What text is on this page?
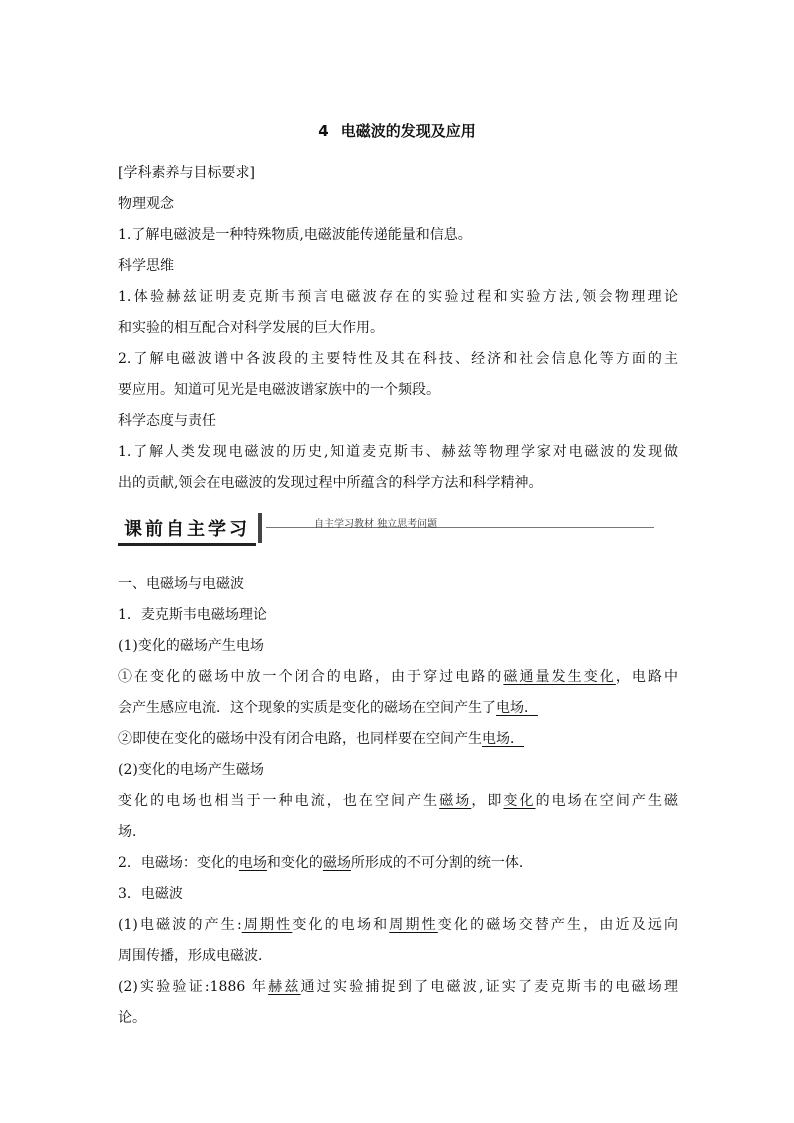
4 电磁波的发现及应用
[学科素养与目标要求]
物理观念
1.了解电磁波是一种特殊物质,电磁波能传递能量和信息。
科学思维
1.体验赫兹证明麦克斯韦预言电磁波存在的实验过程和实验方法,领会物理理论
和实验的相互配合对科学发展的巨大作用。
2.了解电磁波谱中各波段的主要特性及其在科技、经济和社会信息化等方面的主
要应用。知道可见光是电磁波谱家族中的一个频段。
科学态度与责任
1.了解人类发现电磁波的历史,知道麦克斯韦、赫兹等物理学家对电磁波的发现做
出的贡献,领会在电磁波的发现过程中所蕴含的科学方法和科学精神。
课前自主学习	自主学习教材 独立思考问题
一、电磁场与电磁波
1．麦克斯韦电磁场理论
(1)变化的磁场产生电场
①在变化的磁场中放一个闭合的电路，由于穿过电路的磁通量发生变化，电路中
会产生感应电流．这个现象的实质是变化的磁场在空间产生了电场．
②即使在变化的磁场中没有闭合电路，也同样要在空间产生电场．
(2)变化的电场产生磁场
变化的电场也相当于一种电流，也在空间产生磁场，即变化的电场在空间产生磁
场．
2．电磁场：变化的电场和变化的磁场所形成的不可分割的统一体．
3．电磁波
(1)电磁波的产生:周期性变化的电场和周期性变化的磁场交替产生，由近及远向
周围传播，形成电磁波．
(2)实验验证:1886 年赫兹通过实验捕捉到了电磁波,证实了麦克斯韦的电磁场理
论。
